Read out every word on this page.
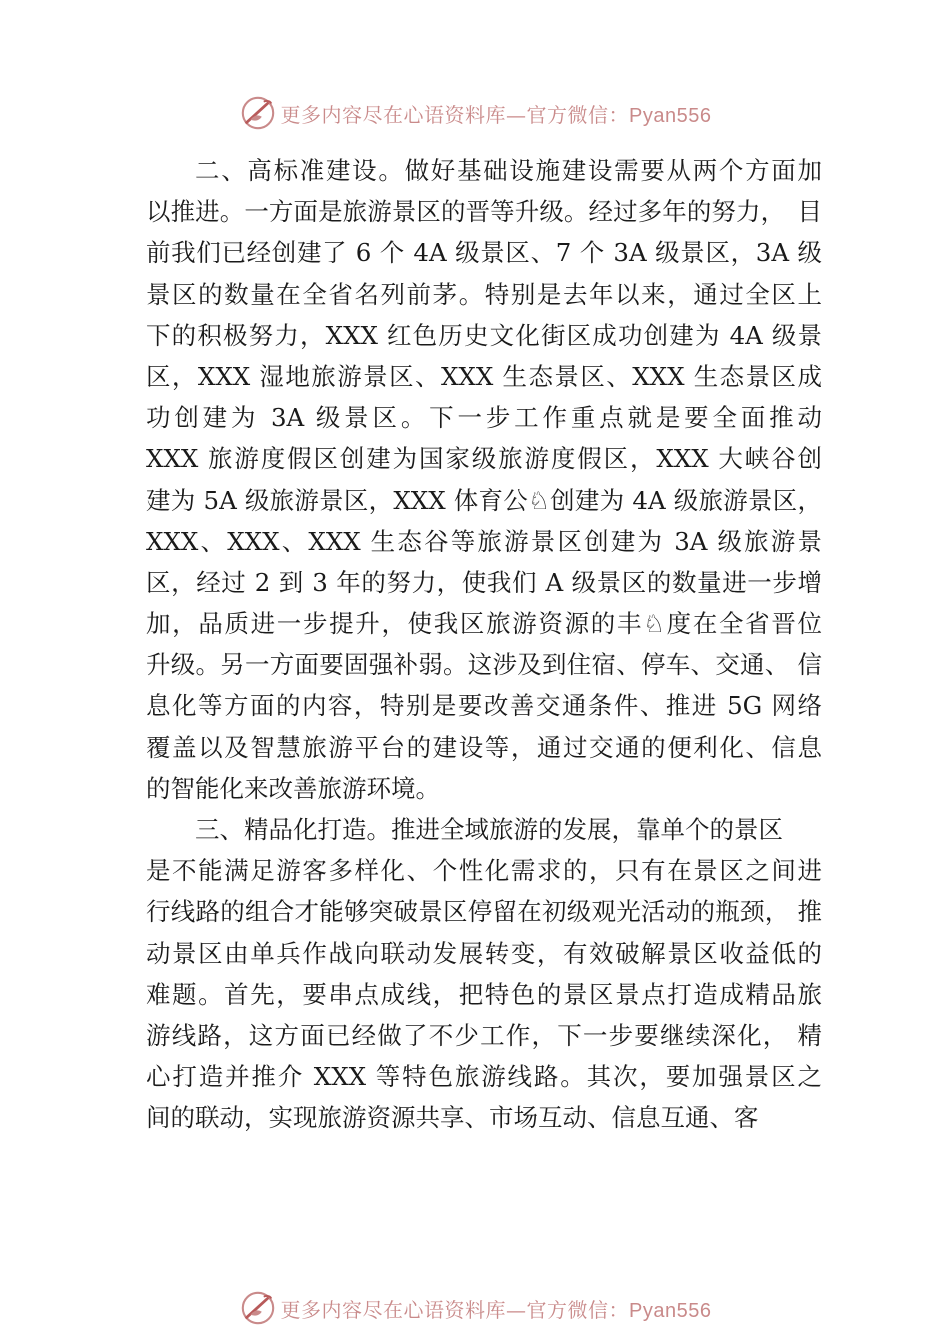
更多内容尽在心语资料库—官方微信：Pyan556
二、高标准建设。做好基础设施建设需要从两个方面加
以推进。一方面是旅游景区的晋等升级。经过多年的努力，　目
前我们已经创建了 6 个 4A 级景区、7 个 3A 级景区，3A 级
景区的数量在全省名列前茅。特别是去年以来，通过全区上
下的积极努力，XXX 红色历史文化街区成功创建为 4A 级景
区，XXX 湿地旅游景区、XXX 生态景区、XXX 生态景区成
功创建为 3A 级景区。下一步工作重点就是要全面推动
XXX 旅游度假区创建为国家级旅游度假区，XXX 大峡谷创
建为 5A 级旅游景区，XXX 体育公♘创建为 4A 级旅游景区，
XXX、XXX、XXX 生态谷等旅游景区创建为 3A 级旅游景
区，经过 2 到 3 年的努力，使我们 A 级景区的数量进一步增
加，品质进一步提升，使我区旅游资源的丰♘度在全省晋位
升级。另一方面要固强补弱。这涉及到住宿、停车、交通、 信
息化等方面的内容，特别是要改善交通条件、推进 5G 网络
覆盖以及智慧旅游平台的建设等，通过交通的便利化、信息
的智能化来改善旅游环境。
三、精品化打造。推进全域旅游的发展，靠单个的景区
是不能满足游客多样化、个性化需求的，只有在景区之间进
行线路的组合才能够突破景区停留在初级观光活动的瓶颈， 推
动景区由单兵作战向联动发展转变，有效破解景区收益低的
难题。首先，要串点成线，把特色的景区景点打造成精品旅
游线路，这方面已经做了不少工作，下一步要继续深化， 精
心打造并推介 XXX 等特色旅游线路。其次，要加强景区之
间的联动，实现旅游资源共享、市场互动、信息互通、客
更多内容尽在心语资料库—官方微信：Pyan556
